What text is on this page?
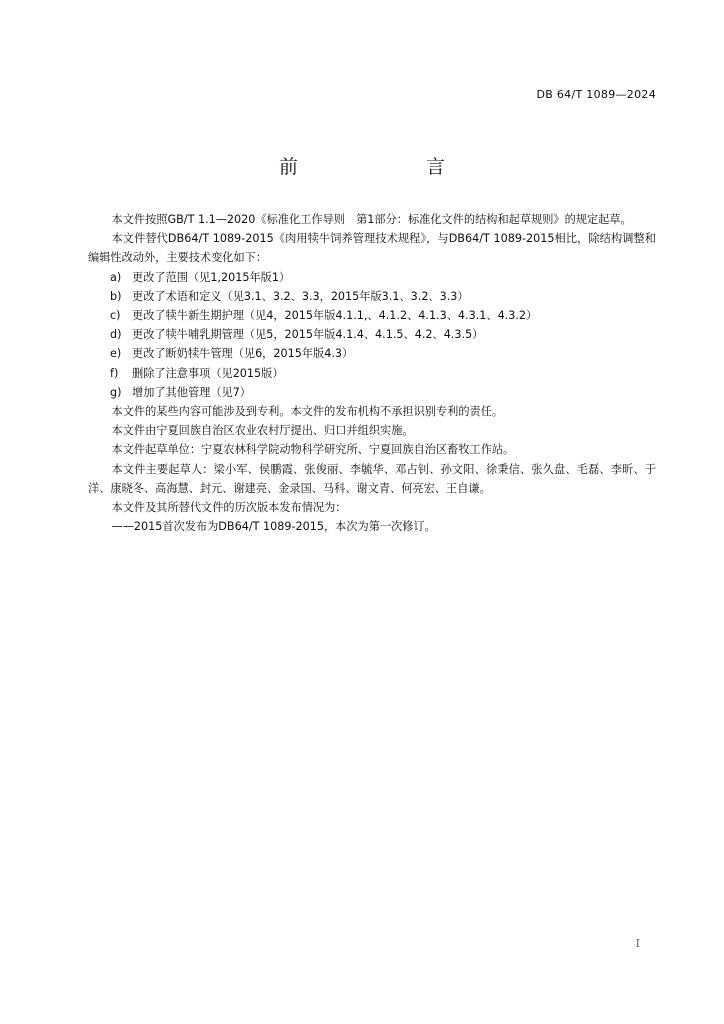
DB 64/T 1089—2024
前　　言

本文件按照GB/T 1.1—2020《标准化工作导则　第1部分：标准化文件的结构和起草规则》的规定起草。

本文件替代DB64/T 1089-2015《肉用犊牛饲养管理技术规程》，与DB64/T 1089-2015相比，除结构调整和编辑性改动外，主要技术变化如下：

a) 更改了范围（见1,2015年版1）

b) 更改了术语和定义（见3.1、3.2、3.3，2015年版3.1、3.2、3.3）

c) 更改了犊牛新生期护理（见4，2015年版4.1.1,、4.1.2、4.1.3、4.3.1、4.3.2）

d) 更改了犊牛哺乳期管理（见5，2015年版4.1.4、4.1.5、4.2、4.3.5）

e) 更改了断奶犊牛管理（见6，2015年版4.3）

f) 删除了注意事项（见2015版）

g) 增加了其他管理（见7）

本文件的某些内容可能涉及到专利。本文件的发布机构不承担识别专利的责任。

本文件由宁夏回族自治区农业农村厅提出、归口并组织实施。

本文件起草单位：宁夏农林科学院动物科学研究所、宁夏回族自治区畜牧工作站。

本文件主要起草人：梁小军、侯鹏霞、张俊丽、李毓华、邓占钊、孙文阳、徐秉信、张久盘、毛磊、李昕、于洋、康晓冬、高海慧、封元、谢建亮、金录国、马科、谢文青、何亮宏、王自谦。

本文件及其所替代文件的历次版本发布情况为：

——2015首次发布为DB64/T 1089-2015，本次为第一次修订。

I
